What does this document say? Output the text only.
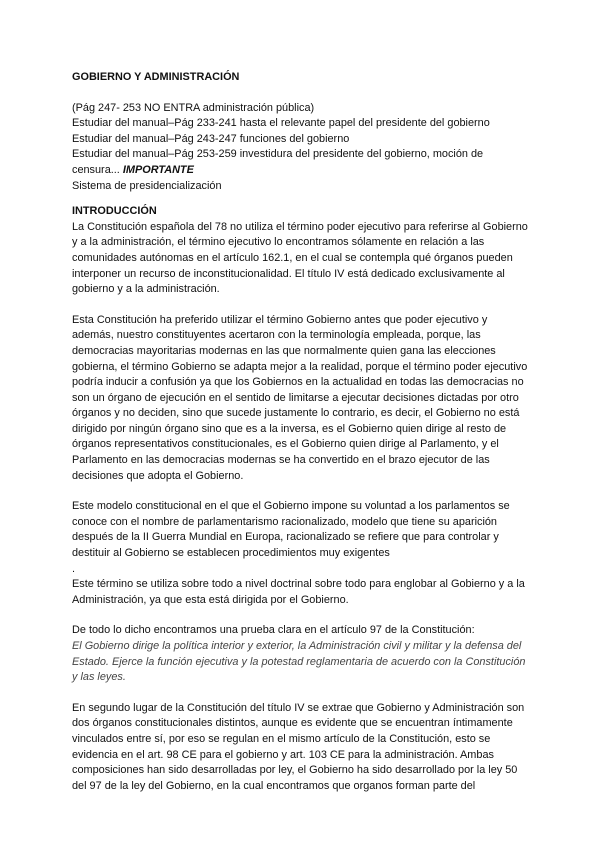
GOBIERNO Y ADMINISTRACIÓN
(Pág 247- 253 NO ENTRA administración pública)
Estudiar del manual–Pág 233-241 hasta el relevante papel del presidente del gobierno
Estudiar del manual–Pág 243-247 funciones del gobierno
Estudiar del manual–Pág 253-259 investidura del presidente del gobierno, moción de
censura... IMPORTANTE
Sistema de presidencialización
INTRODUCCIÓN

La Constitución española del 78 no utiliza el término poder ejecutivo para referirse al Gobierno y a la administración, el término ejecutivo lo encontramos sólamente en relación a las comunidades autónomas en el artículo 162.1, en el cual se contempla qué órganos pueden interponer un recurso de inconstitucionalidad. El título IV está dedicado exclusivamente al gobierno y a la administración.

Esta Constitución ha preferido utilizar el término Gobierno antes que poder ejecutivo y además, nuestro constituyentes acertaron con la terminología empleada, porque, las democracias mayoritarias modernas en las que normalmente quien gana las elecciones gobierna, el término Gobierno se adapta mejor a la realidad, porque el término poder ejecutivo podría inducir a confusión ya que los Gobiernos en la actualidad en todas las democracias no son un órgano de ejecución en el sentido de limitarse a ejecutar decisiones dictadas por otro órganos y no deciden, sino que sucede justamente lo contrario, es decir, el Gobierno no está dirigido por ningún órgano sino que es a la inversa, es el Gobierno quien dirige al resto de órganos representativos constitucionales, es el Gobierno quien dirige al Parlamento, y el Parlamento en las democracias modernas se ha convertido en el brazo ejecutor de las decisiones que adopta el Gobierno.

Este modelo constitucional en el que el Gobierno impone su voluntad a los parlamentos se conoce con el nombre de parlamentarismo racionalizado, modelo que tiene su aparición después de la II Guerra Mundial en Europa, racionalizado se refiere que para controlar y destituir al Gobierno se establecen procedimientos muy exigentes

.

Este término se utiliza sobre todo a nivel doctrinal sobre todo para englobar al Gobierno y a la Administración, ya que esta está dirigida por el Gobierno.

De todo lo dicho encontramos una prueba clara en el artículo 97 de la Constitución:

El Gobierno dirige la política interior y exterior, la Administración civil y militar y la defensa del Estado. Ejerce la función ejecutiva y la potestad reglamentaria de acuerdo con la Constitución y las leyes.

En segundo lugar de la Constitución del título IV se extrae que Gobierno y Administración son dos órganos constitucionales distintos, aunque es evidente que se encuentran íntimamente vinculados entre sí, por eso se regulan en el mismo artículo de la Constitución, esto se evidencia en el art. 98 CE para el gobierno y art. 103 CE para la administración. Ambas composiciones han sido desarrolladas por ley, el Gobierno ha sido desarrollado por la ley 50 del 97 de la ley del Gobierno, en la cual encontramos que organos forman parte del
